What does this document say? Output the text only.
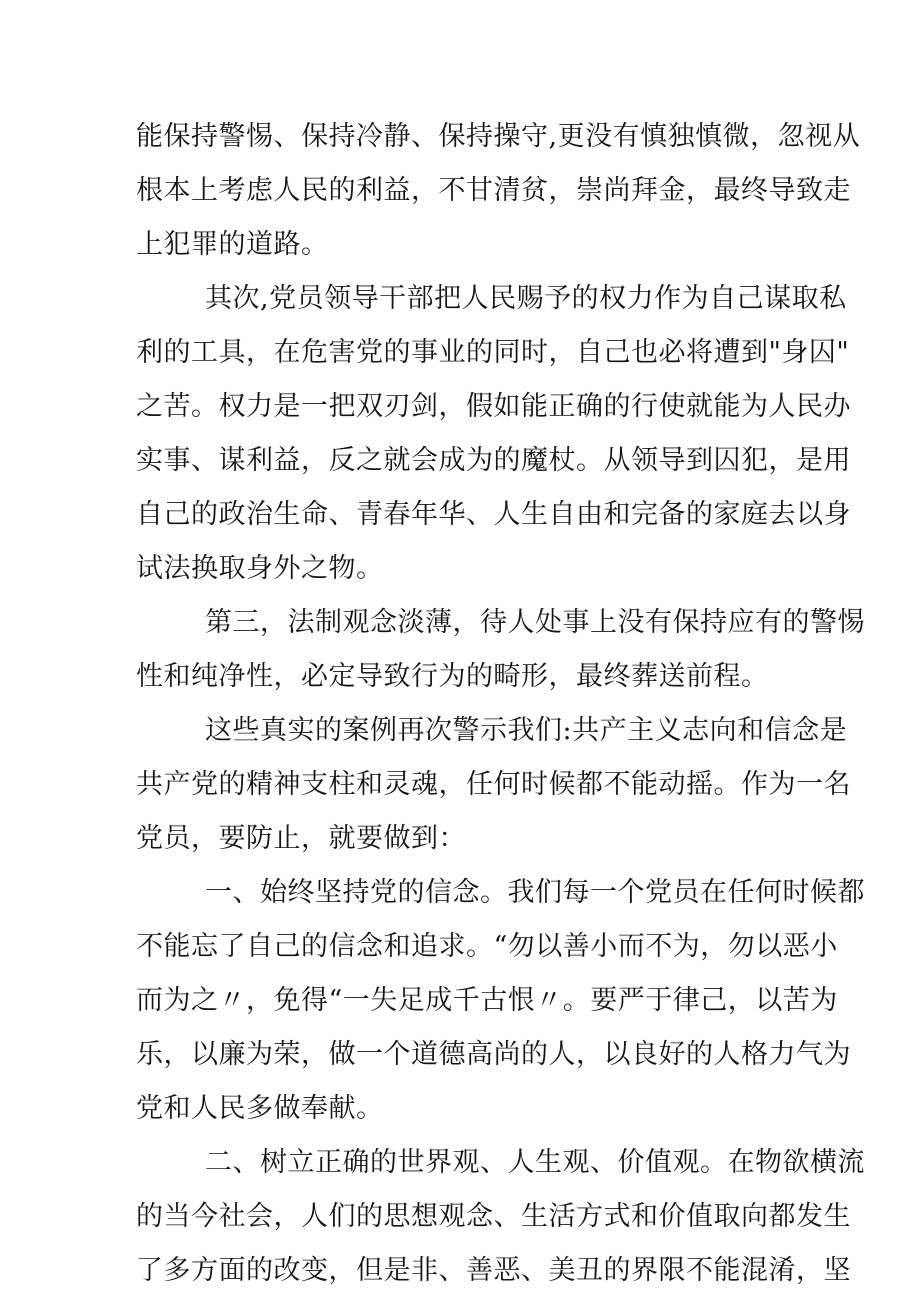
能保持警惕、保持冷静、保持操守,更没有慎独慎微，忽视从
根本上考虑人民的利益，不甘清贫，崇尚拜金，最终导致走
上犯罪的道路。
其次,党员领导干部把人民赐予的权力作为自己谋取私
利的工具，在危害党的事业的同时，自己也必将遭到"身囚"
之苦。权力是一把双刃剑，假如能正确的行使就能为人民办
实事、谋利益，反之就会成为的魔杖。从领导到囚犯，是用
自己的政治生命、青春年华、人生自由和完备的家庭去以身
试法换取身外之物。
第三，法制观念淡薄，待人处事上没有保持应有的警惕
性和纯净性，必定导致行为的畸形，最终葬送前程。
这些真实的案例再次警示我们:共产主义志向和信念是
共产党的精神支柱和灵魂，任何时候都不能动摇。作为一名
党员，要防止，就要做到：
一、始终坚持党的信念。我们每一个党员在任何时候都
不能忘了自己的信念和追求。“勿以善小而不为，勿以恶小
而为之〃，免得“一失足成千古恨〃。要严于律己，以苦为
乐，以廉为荣，做一个道德高尚的人，以良好的人格力气为
党和人民多做奉献。
二、树立正确的世界观、人生观、价值观。在物欲横流
的当今社会，人们的思想观念、生活方式和价值取向都发生
了多方面的改变，但是非、善恶、美丑的界限不能混淆，坚
